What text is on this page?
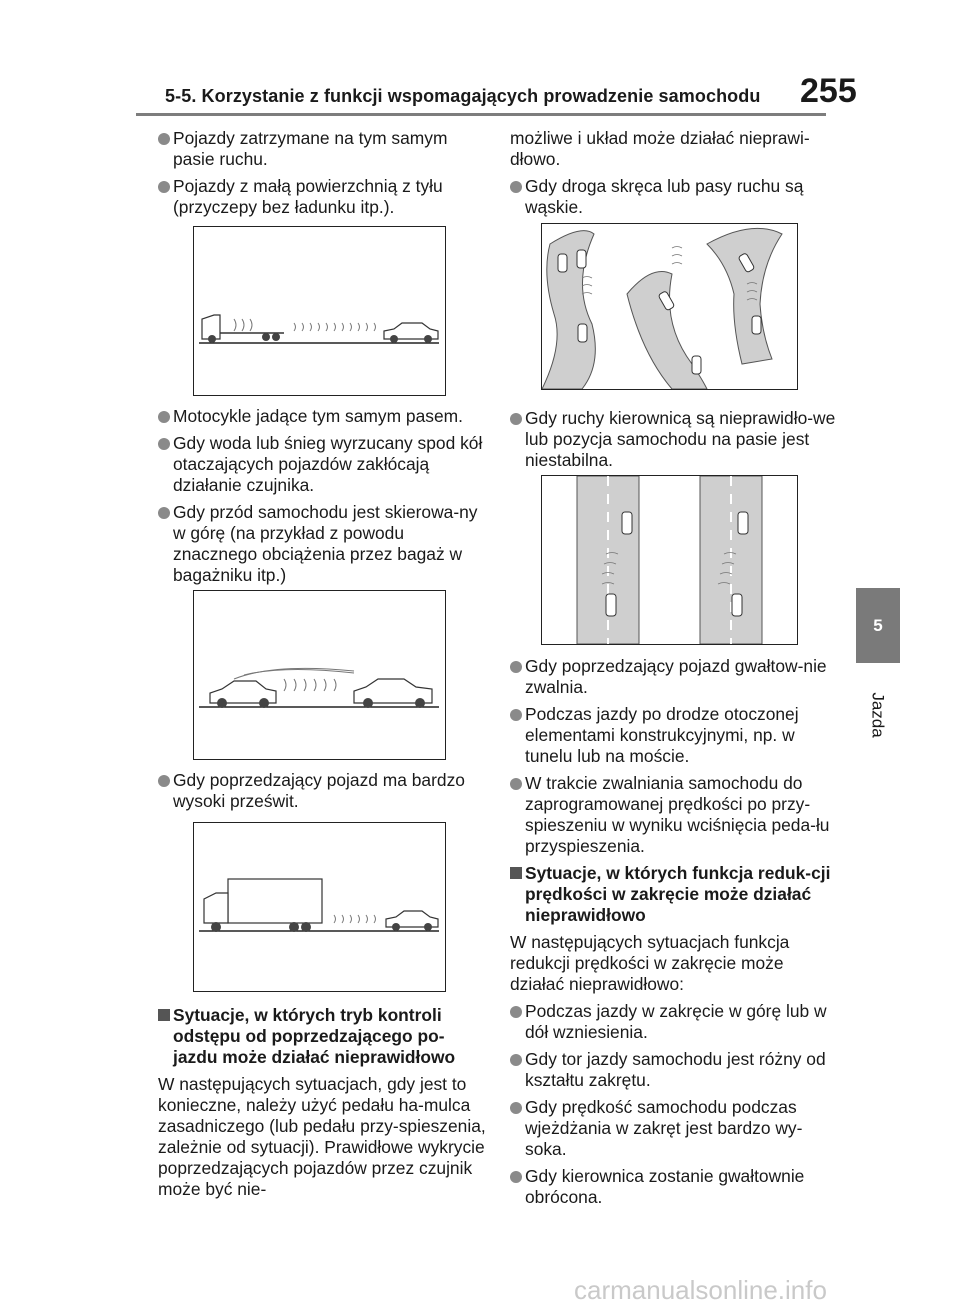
5-5. Korzystanie z funkcji wspomagających prowadzenie samochodu 255
5
Jazda

Pojazdy zatrzymane na tym samym pasie ruchu.

Pojazdy z małą powierzchnią z tyłu (przyczepy bez ładunku itp.).

Motocykle jadące tym samym pasem.

Gdy woda lub śnieg wyrzucany spod kół otaczających pojazdów zakłócają działanie czujnika.

Gdy przód samochodu jest skierowa-ny w górę (na przykład z powodu znacznego obciążenia przez bagaż w bagażniku itp.)

Gdy poprzedzający pojazd ma bardzo wysoki prześwit.

Sytuacje, w których tryb kontroli odstępu od poprzedzającego po-jazdu może działać nieprawidłowo

W następujących sytuacjach, gdy jest to konieczne, należy użyć pedału ha-mulca zasadniczego (lub pedału przy-spieszenia, zależnie od sytuacji). Prawidłowe wykrycie poprzedzających pojazdów przez czujnik może być nie-

możliwe i układ może działać nieprawi-dłowo.

Gdy droga skręca lub pasy ruchu są wąskie.

Gdy ruchy kierownicą są nieprawidło-we lub pozycja samochodu na pasie jest niestabilna.

Gdy poprzedzający pojazd gwałtow-nie zwalnia.

Podczas jazdy po drodze otoczonej elementami konstrukcyjnymi, np. w tunelu lub na moście.

W trakcie zwalniania samochodu do zaprogramowanej prędkości po przy-spieszeniu w wyniku wciśnięcia peda-łu przyspieszenia.

Sytuacje, w których funkcja reduk-cji prędkości w zakręcie może działać nieprawidłowo

W następujących sytuacjach funkcja redukcji prędkości w zakręcie może działać nieprawidłowo:

Podczas jazdy w zakręcie w górę lub w dół wzniesienia.

Gdy tor jazdy samochodu jest różny od kształtu zakrętu.

Gdy prędkość samochodu podczas wjeżdżania w zakręt jest bardzo wy-soka.

Gdy kierownica zostanie gwałtownie obrócona.

carmanualsonline.info
